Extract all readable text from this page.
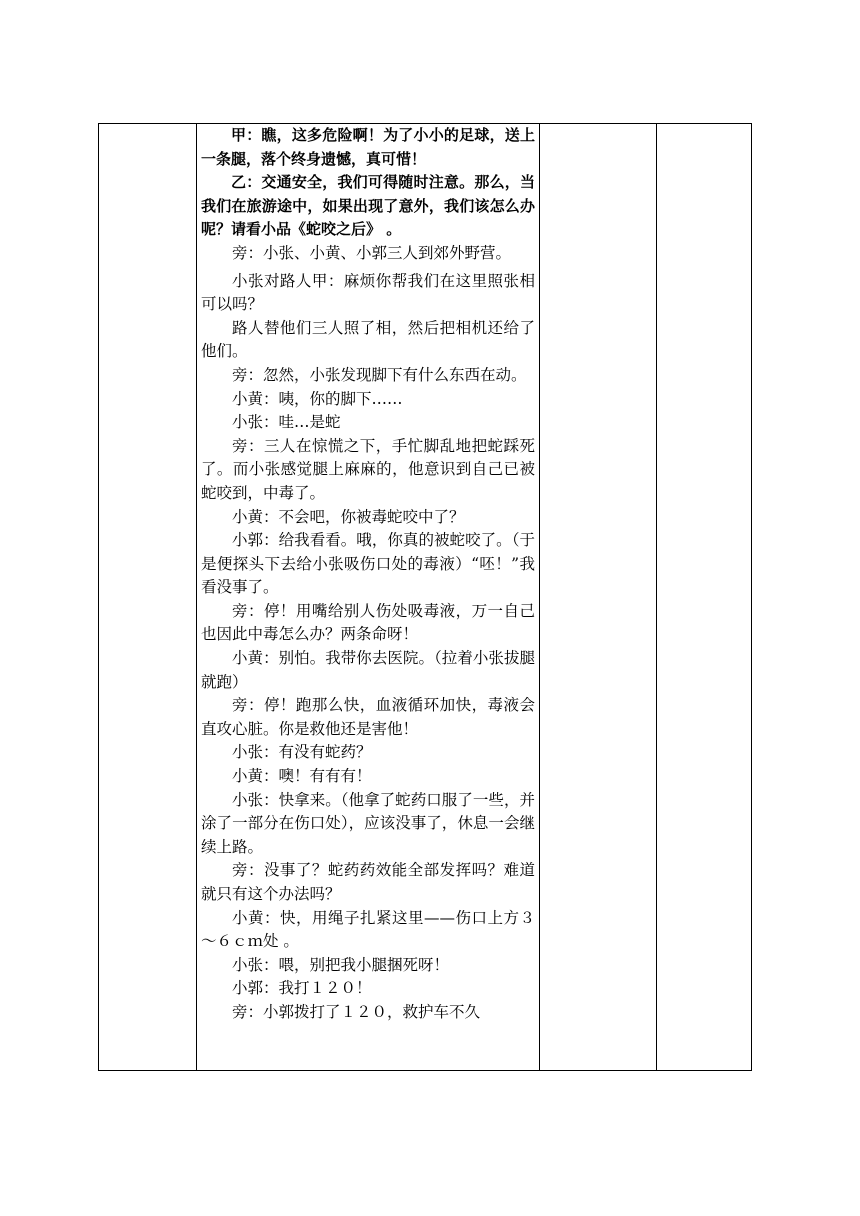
甲：瞧，这多危险啊！为了小小的足球，送上一条腿，落个终身遗憾，真可惜！

乙：交通安全，我们可得随时注意。那么，当我们在旅游途中，如果出现了意外，我们该怎么办呢？请看小品《蛇咬之后》 。

旁：小张、小黄、小郭三人到郊外野营。

小张对路人甲：麻烦你帮我们在这里照张相可以吗？

路人替他们三人照了相，然后把相机还给了他们。

旁：忽然，小张发现脚下有什么东西在动。

小黄：咦，你的脚下……

小张：哇…是蛇

旁：三人在惊慌之下，手忙脚乱地把蛇踩死了。而小张感觉腿上麻麻的，他意识到自己已被蛇咬到，中毒了。

小黄：不会吧，你被毒蛇咬中了？

小郭：给我看看。哦，你真的被蛇咬了。（于是便探头下去给小张吸伤口处的毒液）“呸！”我看没事了。

旁：停！用嘴给别人伤处吸毒液，万一自己也因此中毒怎么办？两条命呀！

小黄：别怕。我带你去医院。（拉着小张拔腿就跑）

旁：停！跑那么快，血液循环加快，毒液会直攻心脏。你是救他还是害他！

小张：有没有蛇药？

小黄：噢！有有有！

小张：快拿来。（他拿了蛇药口服了一些，并涂了一部分在伤口处），应该没事了，休息一会继续上路。

旁：没事了？蛇药药效能全部发挥吗？难道就只有这个办法吗？

小黄：快，用绳子扎紧这里——伤口上方３～６ｃｍ处 。

小张：喂，别把我小腿捆死呀！

小郭：我打１２０！

旁：小郭拨打了１２０，救护车不久
